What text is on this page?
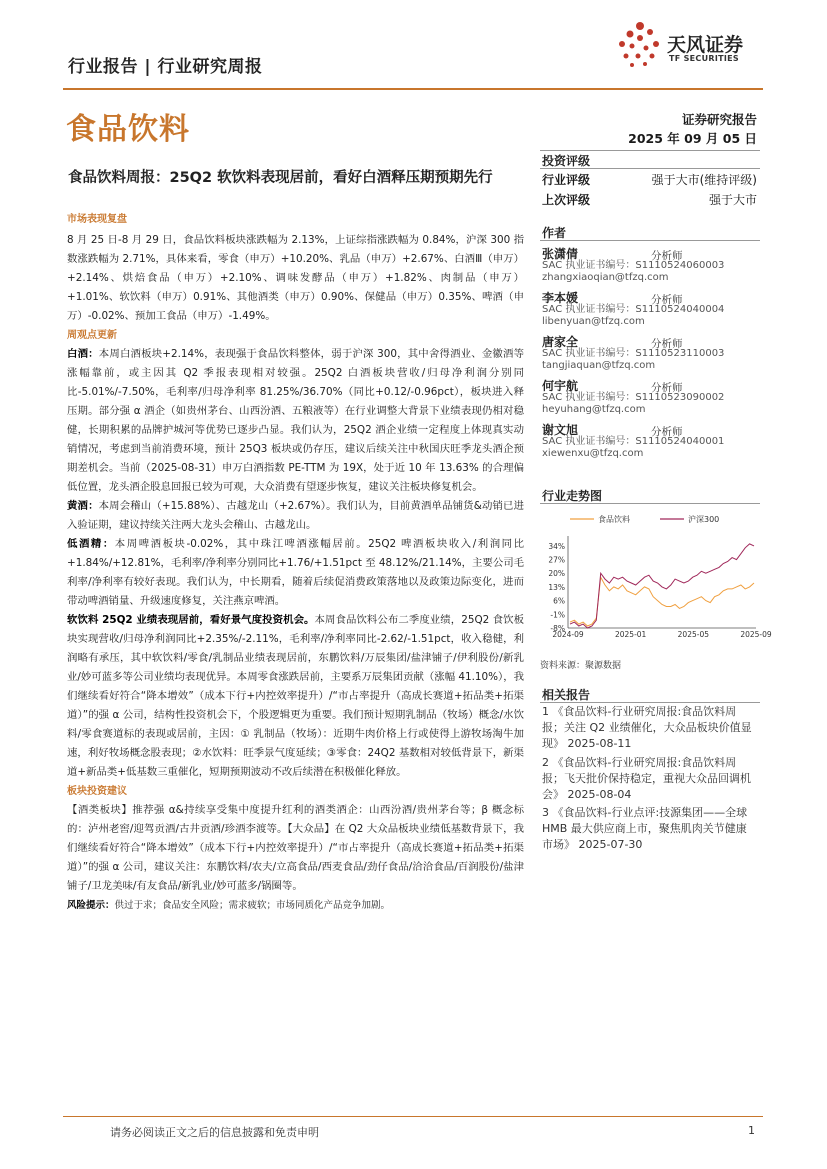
行业报告 | 行业研究周报
天风证券
TF SECURITIES
食品饮料	证券研究报告
2025 年 09 月 05 日
食品饮料周报：25Q2 软饮料表现居前，看好白酒释压期预期先行
市场表现复盘

8 月 25 日-8 月 29 日，食品饮料板块涨跌幅为 2.13%，上证综指涨跌幅为 0.84%，沪深 300 指数涨跌幅为 2.71%，具体来看，零食（申万）+10.20%、乳品（申万）+2.67%、白酒Ⅲ（申万）+2.14%、烘焙食品（申万）+2.10%、调味发酵品（申万）+1.82%、肉制品（申万）+1.01%、软饮料（申万）0.91%、其他酒类（申万）0.90%、保健品（申万）0.35%、啤酒（申万）-0.02%、预加工食品（申万）-1.49%。

周观点更新

白酒：本周白酒板块+2.14%，表现强于食品饮料整体，弱于沪深 300，其中舍得酒业、金徽酒等涨幅靠前，或主因其 Q2 季报表现相对较强。25Q2 白酒板块营收/归母净利润分别同比-5.01%/-7.50%，毛利率/归母净利率 81.25%/36.70%（同比+0.12/-0.96pct），板块进入释压期。部分强 α 酒企（如贵州茅台、山西汾酒、五粮液等）在行业调整大背景下业绩表现仍相对稳健，长期积累的品牌护城河等优势已逐步凸显。我们认为，25Q2 酒企业绩一定程度上体现真实动销情况，考虑到当前消费环境，预计 25Q3 板块或仍存压，建议后续关注中秋国庆旺季龙头酒企预期差机会。当前（2025-08-31）申万白酒指数 PE-TTM 为 19X，处于近 10 年 13.63% 的合理偏低位置，龙头酒企股息回报已较为可观，大众消费有望逐步恢复，建议关注板块修复机会。

黄酒：本周会稽山（+15.88%）、古越龙山（+2.67%）。我们认为，目前黄酒单品铺货&动销已进入验证期，建议持续关注两大龙头会稽山、古越龙山。

低酒精：本周啤酒板块-0.02%，其中珠江啤酒涨幅居前。25Q2 啤酒板块收入/利润同比+1.84%/+12.81%，毛利率/净利率分别同比+1.76/+1.51pct 至 48.12%/21.14%，主要公司毛利率/净利率有较好表现。我们认为，中长期看，随着后续促消费政策落地以及政策边际变化，进而带动啤酒销量、升级速度修复，关注燕京啤酒。

软饮料 25Q2 业绩表现居前，看好景气度投资机会。本周食品饮料公布二季度业绩，25Q2 食饮板块实现营收/归母净利润同比+2.35%/-2.11%，毛利率/净利率同比-2.62/-1.51pct，收入稳健，利润略有承压，其中软饮料/零食/乳制品业绩表现居前，东鹏饮料/万辰集团/盐津铺子/伊利股份/新乳业/妙可蓝多等公司业绩均表现优异。本周零食涨跌居前，主要系万辰集团贡献（涨幅 41.10%），我们继续看好符合“降本增效”（成本下行+内控效率提升）/“市占率提升（高成长赛道+拓品类+拓渠道）”的强 α 公司，结构性投资机会下，个股逻辑更为重要。我们预计短期乳制品（牧场）概念/水饮料/零食赛道标的表现或居前，主因：① 乳制品（牧场）：近期牛肉价格上行或使得上游牧场淘牛加速，利好牧场概念股表现；②水饮料：旺季景气度延续；③零食：24Q2 基数相对较低背景下，新渠道+新品类+低基数三重催化，短期预期波动不改后续潜在积极催化释放。

板块投资建议

【酒类板块】推荐强 α&持续享受集中度提升红利的酒类酒企：山西汾酒/贵州茅台等；β 概念标的：泸州老窖/迎驾贡酒/古井贡酒/珍酒李渡等。【大众品】在 Q2 大众品板块业绩低基数背景下，我们继续看好符合“降本增效”（成本下行+内控效率提升）/“市占率提升（高成长赛道+拓品类+拓渠道）”的强 α 公司，建议关注：东鹏饮料/农夫/立高食品/西麦食品/劲仔食品/洽洽食品/百润股份/盐津铺子/卫龙美味/有友食品/新乳业/妙可蓝多/锅圈等。

风险提示：供过于求；食品安全风险；需求疲软；市场同质化产品竞争加剧。

投资评级
行业评级	强于大市(维持评级)
上次评级	强于大市
作者
张潇倩	分析师
SAC 执业证书编号：S1110524060003
zhangxiaoqian@tfzq.com
李本媛	分析师
SAC 执业证书编号：S1110524040004
libenyuan@tfzq.com
唐家全	分析师
SAC 执业证书编号：S1110523110003
tangjiaquan@tfzq.com
何宇航	分析师
SAC 执业证书编号：S1110523090002
heyuhang@tfzq.com
谢文旭	分析师
SAC 执业证书编号：S1110524040001
xiewenxu@tfzq.com
行业走势图
食品饮料	沪深300
34%
27%
20%
13%
6%
-1%
-8%
2024-09	2025-01	2025-05	2025-09
资料来源：聚源数据
相关报告
1 《食品饮料-行业研究周报:食品饮料周报；关注 Q2 业绩催化，大众品板块价值显现》 2025-08-11
2 《食品饮料-行业研究周报:食品饮料周报；飞天批价保持稳定，重视大众品回调机会》 2025-08-04
3 《食品饮料-行业点评:技源集团——全球 HMB 最大供应商上市，聚焦肌肉关节健康市场》 2025-07-30
请务必阅读正文之后的信息披露和免责申明	1
